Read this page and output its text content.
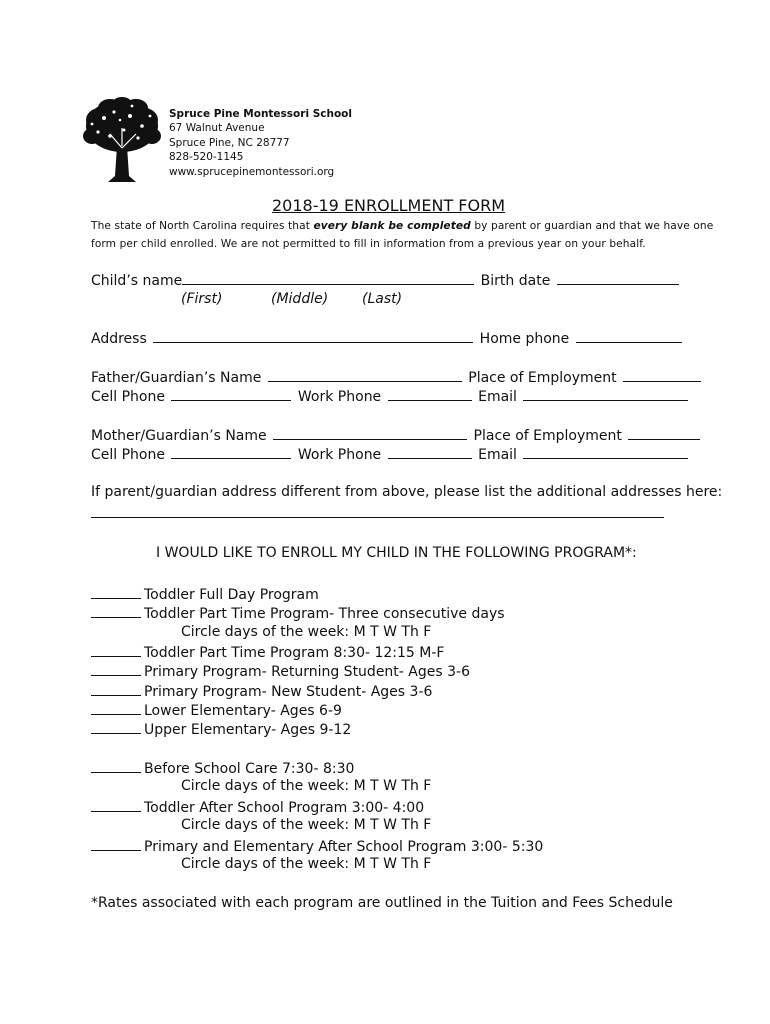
Spruce Pine Montessori School
67 Walnut Avenue
Spruce Pine, NC 28777
828-520-1145
www.sprucepinemontessori.org
2018-19 ENROLLMENT FORM
The state of North Carolina requires that every blank be completed by parent or guardian and that we have one
form per child enrolled. We are not permitted to fill in information from a previous year on your behalf.
Child’s name	Birth date
(First)	(Middle) (Last)
Address	Home phone
Father/Guardian’s Name	Place of Employment
Cell Phone	Work Phone	Email
Mother/Guardian’s Name	Place of Employment
Cell Phone	Work Phone	Email
If parent/guardian address different from above, please list the additional addresses here:
I WOULD LIKE TO ENROLL MY CHILD IN THE FOLLOWING PROGRAM*:
Toddler Full Day Program
Toddler Part Time Program- Three consecutive days
Circle days of the week: M T W Th F
Toddler Part Time Program 8:30- 12:15 M-F
Primary Program- Returning Student- Ages 3-6
Primary Program- New Student- Ages 3-6
Lower Elementary- Ages 6-9
Upper Elementary- Ages 9-12
Before School Care 7:30- 8:30
Circle days of the week: M T W Th F
Toddler After School Program 3:00- 4:00
Circle days of the week: M T W Th F
Primary and Elementary After School Program 3:00- 5:30
Circle days of the week: M T W Th F
*Rates associated with each program are outlined in the Tuition and Fees Schedule
